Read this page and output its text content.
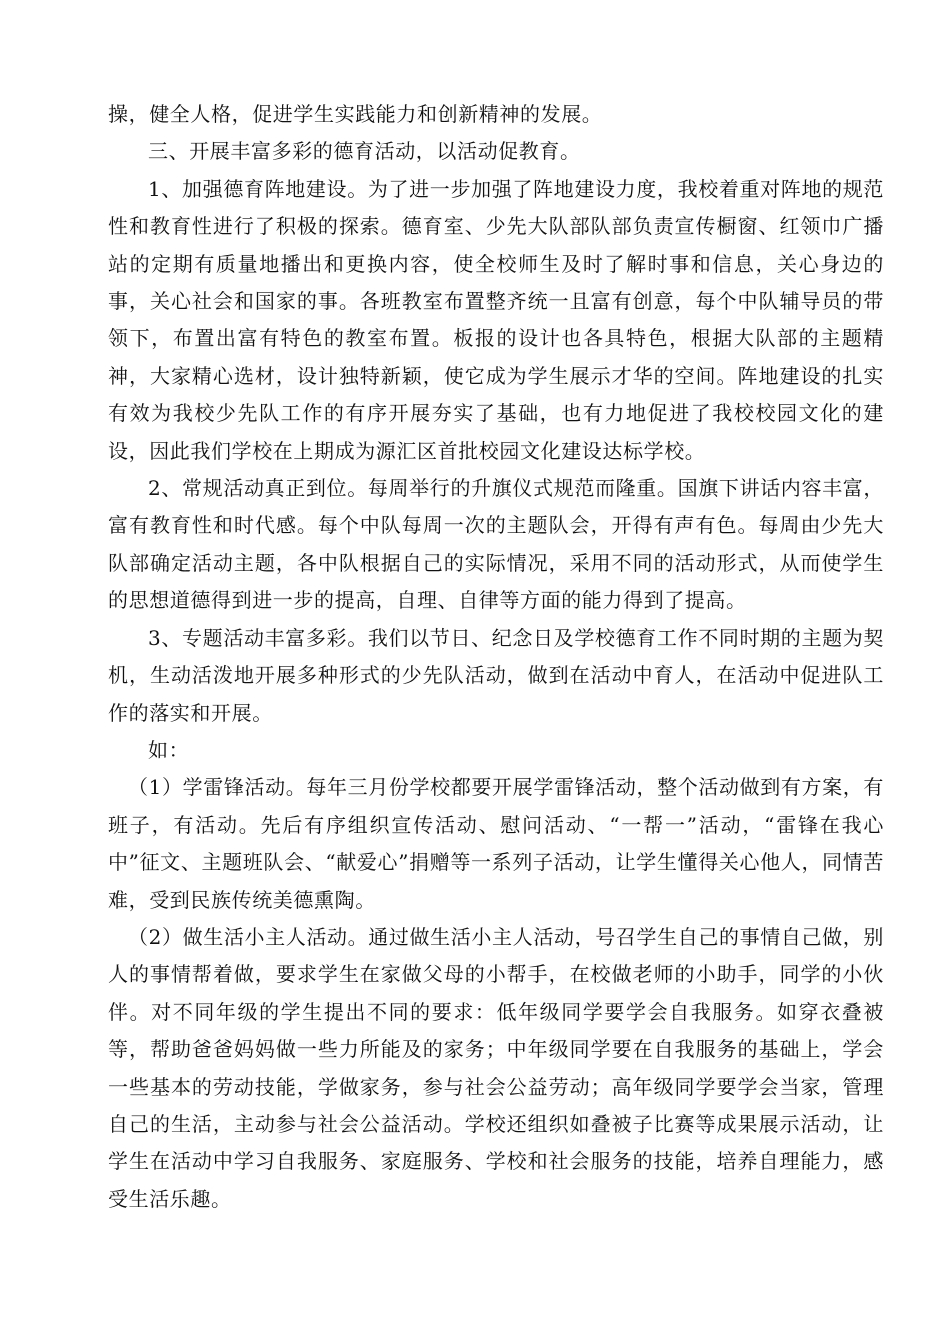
操，健全人格，促进学生实践能力和创新精神的发展。

三、开展丰富多彩的德育活动，以活动促教育。

1、加强德育阵地建设。为了进一步加强了阵地建设力度，我校着重对阵地的规范性和教育性进行了积极的探索。德育室、少先大队部队部负责宣传橱窗、红领巾广播站的定期有质量地播出和更换内容，使全校师生及时了解时事和信息，关心身边的事，关心社会和国家的事。各班教室布置整齐统一且富有创意，每个中队辅导员的带领下，布置出富有特色的教室布置。板报的设计也各具特色，根据大队部的主题精神，大家精心选材，设计独特新颖，使它成为学生展示才华的空间。阵地建设的扎实有效为我校少先队工作的有序开展夯实了基础，也有力地促进了我校校园文化的建设，因此我们学校在上期成为源汇区首批校园文化建设达标学校。

2、常规活动真正到位。每周举行的升旗仪式规范而隆重。国旗下讲话内容丰富，富有教育性和时代感。每个中队每周一次的主题队会，开得有声有色。每周由少先大队部确定活动主题，各中队根据自己的实际情况，采用不同的活动形式，从而使学生的思想道德得到进一步的提高，自理、自律等方面的能力得到了提高。

3、专题活动丰富多彩。我们以节日、纪念日及学校德育工作不同时期的主题为契机，生动活泼地开展多种形式的少先队活动，做到在活动中育人，在活动中促进队工作的落实和开展。

如：

（1）学雷锋活动。每年三月份学校都要开展学雷锋活动，整个活动做到有方案，有班子，有活动。先后有序组织宣传活动、慰问活动、“一帮一”活动，“雷锋在我心中”征文、主题班队会、“献爱心”捐赠等一系列子活动，让学生懂得关心他人，同情苦难，受到民族传统美德熏陶。

（2）做生活小主人活动。通过做生活小主人活动，号召学生自己的事情自己做，别人的事情帮着做，要求学生在家做父母的小帮手，在校做老师的小助手，同学的小伙伴。对不同年级的学生提出不同的要求：低年级同学要学会自我服务。如穿衣叠被等，帮助爸爸妈妈做一些力所能及的家务；中年级同学要在自我服务的基础上，学会一些基本的劳动技能，学做家务，参与社会公益劳动；高年级同学要学会当家，管理自己的生活，主动参与社会公益活动。学校还组织如叠被子比赛等成果展示活动，让学生在活动中学习自我服务、家庭服务、学校和社会服务的技能，培养自理能力，感受生活乐趣。
